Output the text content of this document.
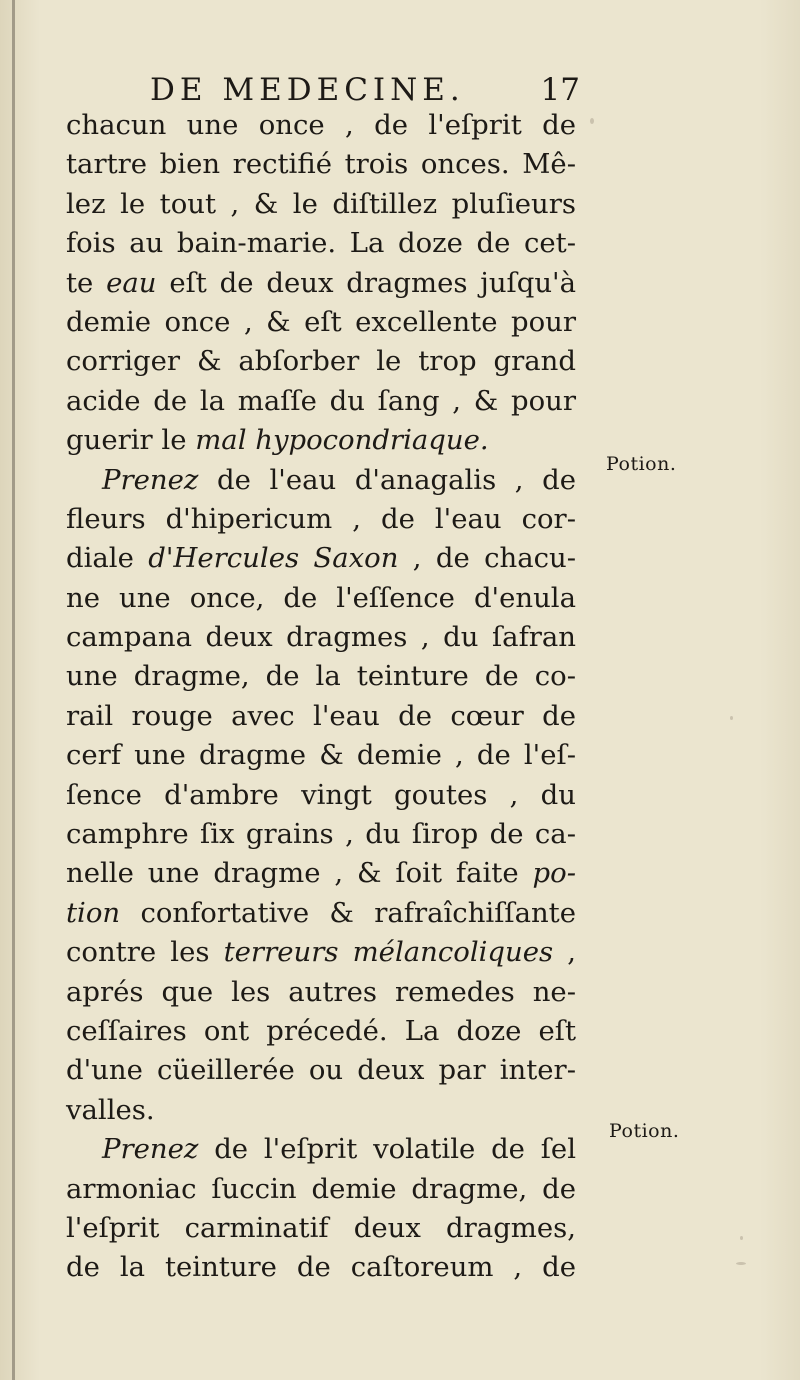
DE MEDECINE. 17
chacun une once , de l'eſprit de
tartre bien rectifié trois onces. Mê-
lez le tout , & le diſtillez pluſieurs
fois au bain-marie. La doze de cet-
te eau eſt de deux dragmes juſqu'à
demie once , & eſt excellente pour
corriger & abſorber le trop grand
acide de la maſſe du ſang , & pour
guerir le mal hypocondriaque.
Prenez de l'eau d'anagalis , de
fleurs d'hipericum , de l'eau cor-
diale d'Hercules Saxon , de chacu-
ne une once, de l'eſſence d'enula
campana deux dragmes , du ſafran
une dragme, de la teinture de co-
rail rouge avec l'eau de cœur de
cerf une dragme & demie , de l'eſ-
ſence d'ambre vingt goutes , du
camphre ſix grains , du ſirop de ca-
nelle une dragme , & ſoit faite po-
tion confortative & rafraîchiſſante
contre les terreurs mélancoliques ,
aprés que les autres remedes ne-
ceſſaires ont précedé. La doze eſt
d'une cüeillerée ou deux par inter-
valles.
Prenez de l'eſprit volatile de ſel
armoniac ſuccin demie dragme, de
l'eſprit carminatif deux dragmes,
de la teinture de caſtoreum , de
Potion.
Potion.
